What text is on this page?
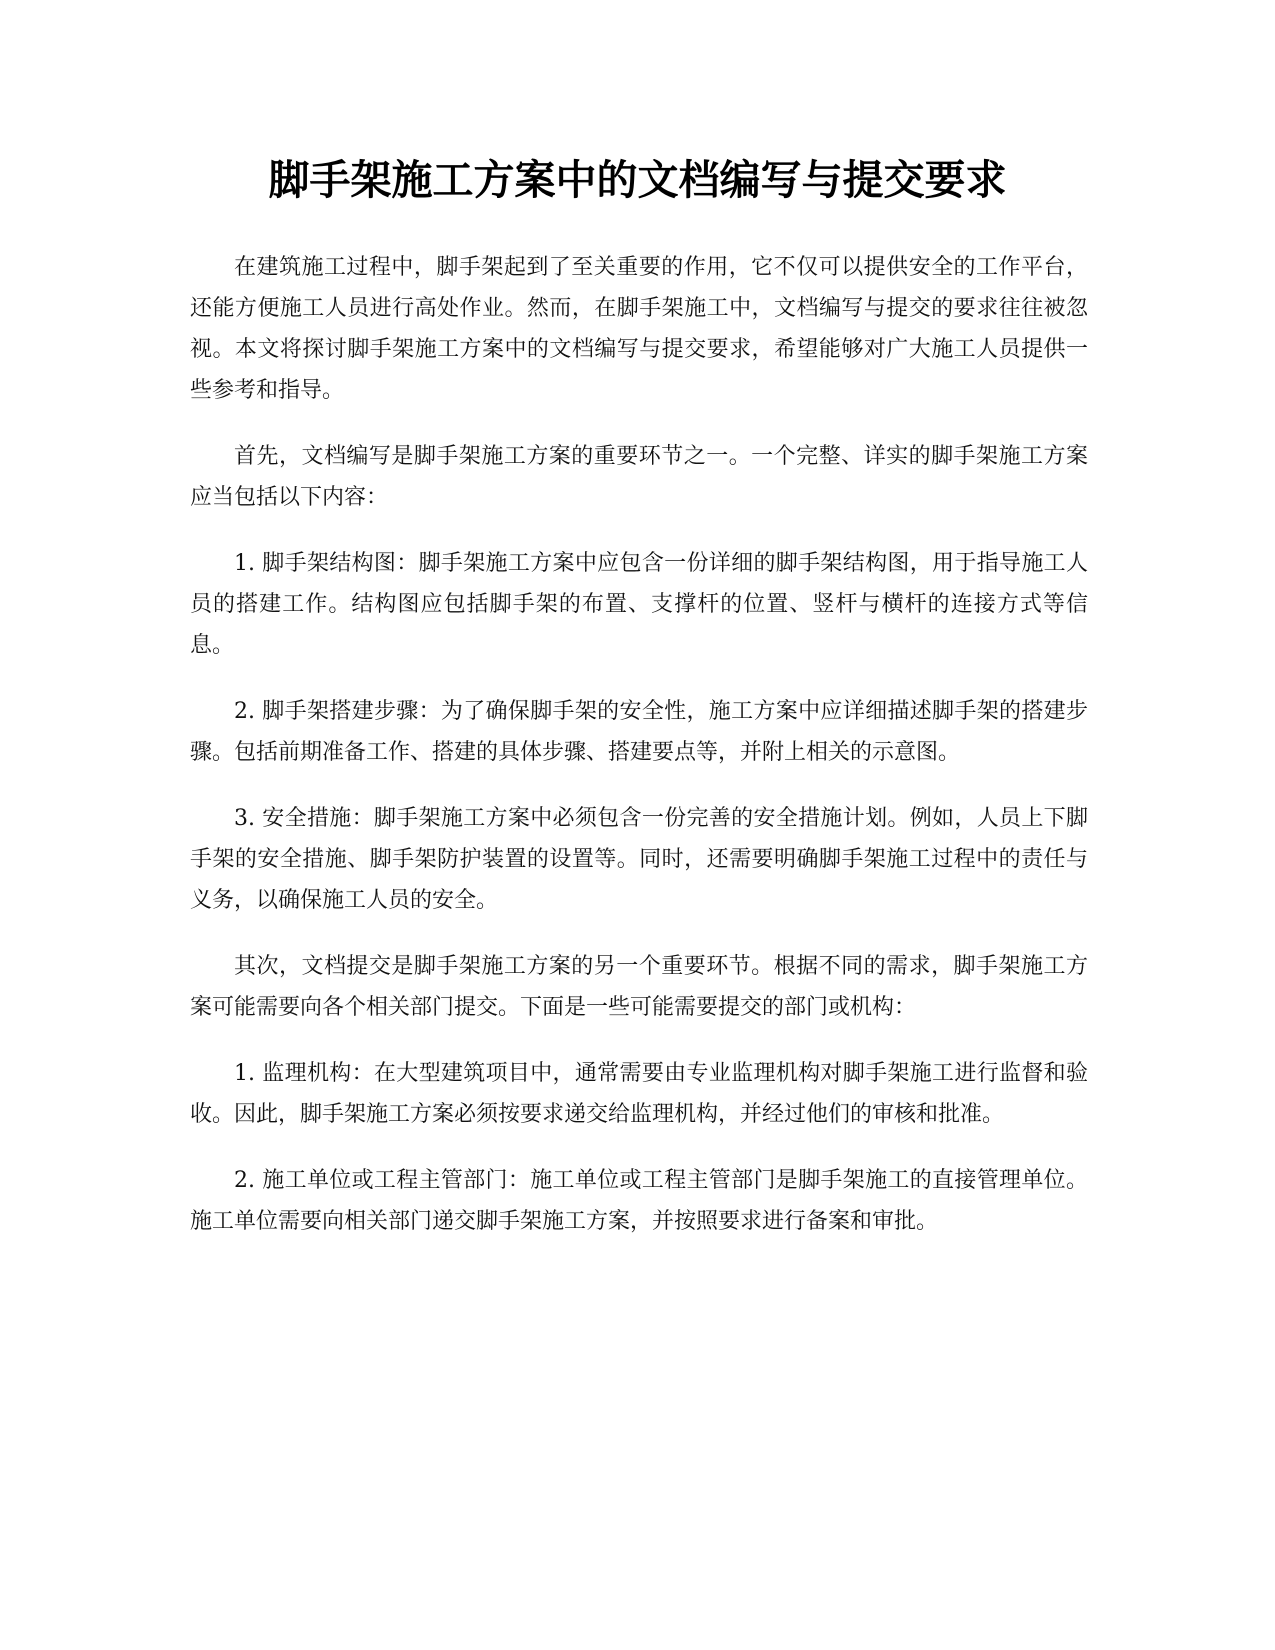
脚手架施工方案中的文档编写与提交要求

在建筑施工过程中，脚手架起到了至关重要的作用，它不仅可以提供安全的工作平台，还能方便施工人员进行高处作业。然而，在脚手架施工中，文档编写与提交的要求往往被忽视。本文将探讨脚手架施工方案中的文档编写与提交要求，希望能够对广大施工人员提供一些参考和指导。

首先，文档编写是脚手架施工方案的重要环节之一。一个完整、详实的脚手架施工方案应当包括以下内容：

1. 脚手架结构图：脚手架施工方案中应包含一份详细的脚手架结构图，用于指导施工人员的搭建工作。结构图应包括脚手架的布置、支撑杆的位置、竖杆与横杆的连接方式等信息。

2. 脚手架搭建步骤：为了确保脚手架的安全性，施工方案中应详细描述脚手架的搭建步骤。包括前期准备工作、搭建的具体步骤、搭建要点等，并附上相关的示意图。

3. 安全措施：脚手架施工方案中必须包含一份完善的安全措施计划。例如，人员上下脚手架的安全措施、脚手架防护装置的设置等。同时，还需要明确脚手架施工过程中的责任与义务，以确保施工人员的安全。

其次，文档提交是脚手架施工方案的另一个重要环节。根据不同的需求，脚手架施工方案可能需要向各个相关部门提交。下面是一些可能需要提交的部门或机构：

1. 监理机构：在大型建筑项目中，通常需要由专业监理机构对脚手架施工进行监督和验收。因此，脚手架施工方案必须按要求递交给监理机构，并经过他们的审核和批准。

2. 施工单位或工程主管部门：施工单位或工程主管部门是脚手架施工的直接管理单位。施工单位需要向相关部门递交脚手架施工方案，并按照要求进行备案和审批。
